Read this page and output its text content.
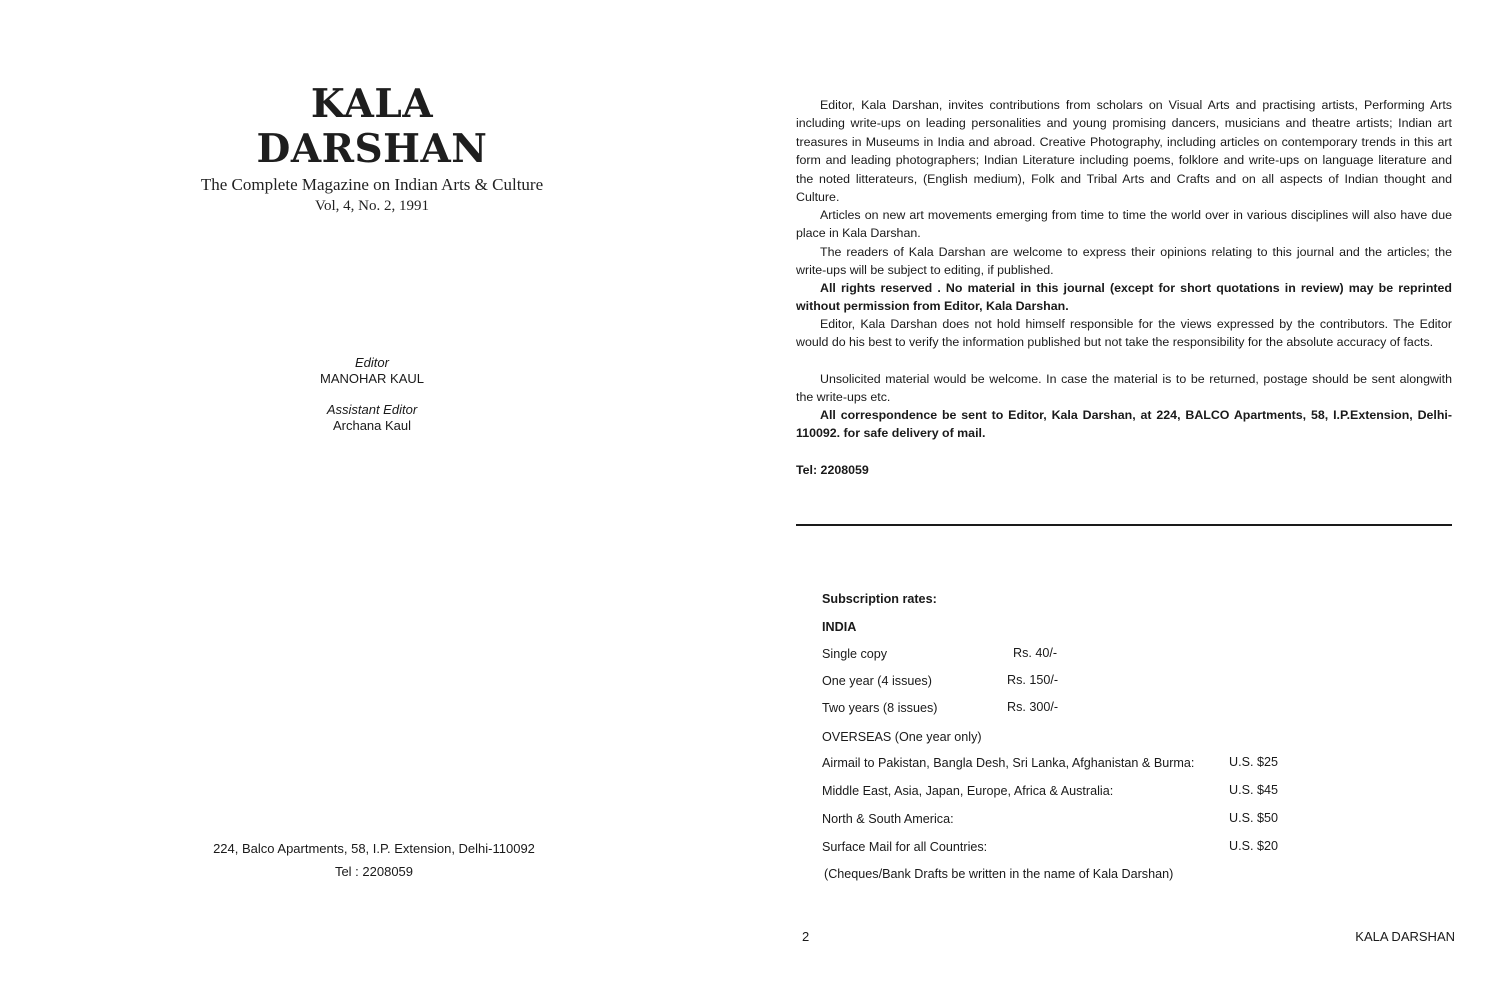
KALA
DARSHAN
The Complete Magazine on Indian Arts & Culture
Vol, 4, No. 2, 1991
Editor
MANOHAR KAUL
Assistant Editor
Archana Kaul
224, Balco Apartments, 58, I.P. Extension, Delhi-110092
Tel : 2208059

Editor, Kala Darshan, invites contributions from scholars on Visual Arts and practising artists, Performing Arts including write-ups on leading personalities and young promising dancers, musicians and theatre artists; Indian art treasures in Museums in India and abroad. Creative Photography, including articles on contemporary trends in this art form and leading photographers; Indian Literature including poems, folklore and write-ups on language literature and the noted litterateurs, (English medium), Folk and Tribal Arts and Crafts and on all aspects of Indian thought and Culture.

Articles on new art movements emerging from time to time the world over in various disciplines will also have due place in Kala Darshan.

The readers of Kala Darshan are welcome to express their opinions relating to this journal and the articles; the write-ups will be subject to editing, if published.

All rights reserved . No material in this journal (except for short quotations in review) may be reprinted without permission from Editor, Kala Darshan.

Editor, Kala Darshan does not hold himself responsible for the views expressed by the contributors. The Editor would do his best to verify the information published but not take the responsibility for the absolute accuracy of facts.

Unsolicited material would be welcome. In case the material is to be returned, postage should be sent alongwith the write-ups etc.

All correspondence be sent to Editor, Kala Darshan, at 224, BALCO Apartments, 58, I.P.Extension, Delhi-110092. for safe delivery of mail.

Tel: 2208059
Subscription rates:
INDIA
Single copy	Rs. 40/-
One year (4 issues)	Rs. 150/-
Two years (8 issues)	Rs. 300/-
OVERSEAS (One year only)
Airmail to Pakistan, Bangla Desh, Sri Lanka, Afghanistan & Burma:	U.S. $25
Middle East, Asia, Japan, Europe, Africa & Australia:	U.S. $45
North & South America:	U.S. $50
Surface Mail for all Countries:	U.S. $20
(Cheques/Bank Drafts be written in the name of Kala Darshan)
2	KALA DARSHAN
